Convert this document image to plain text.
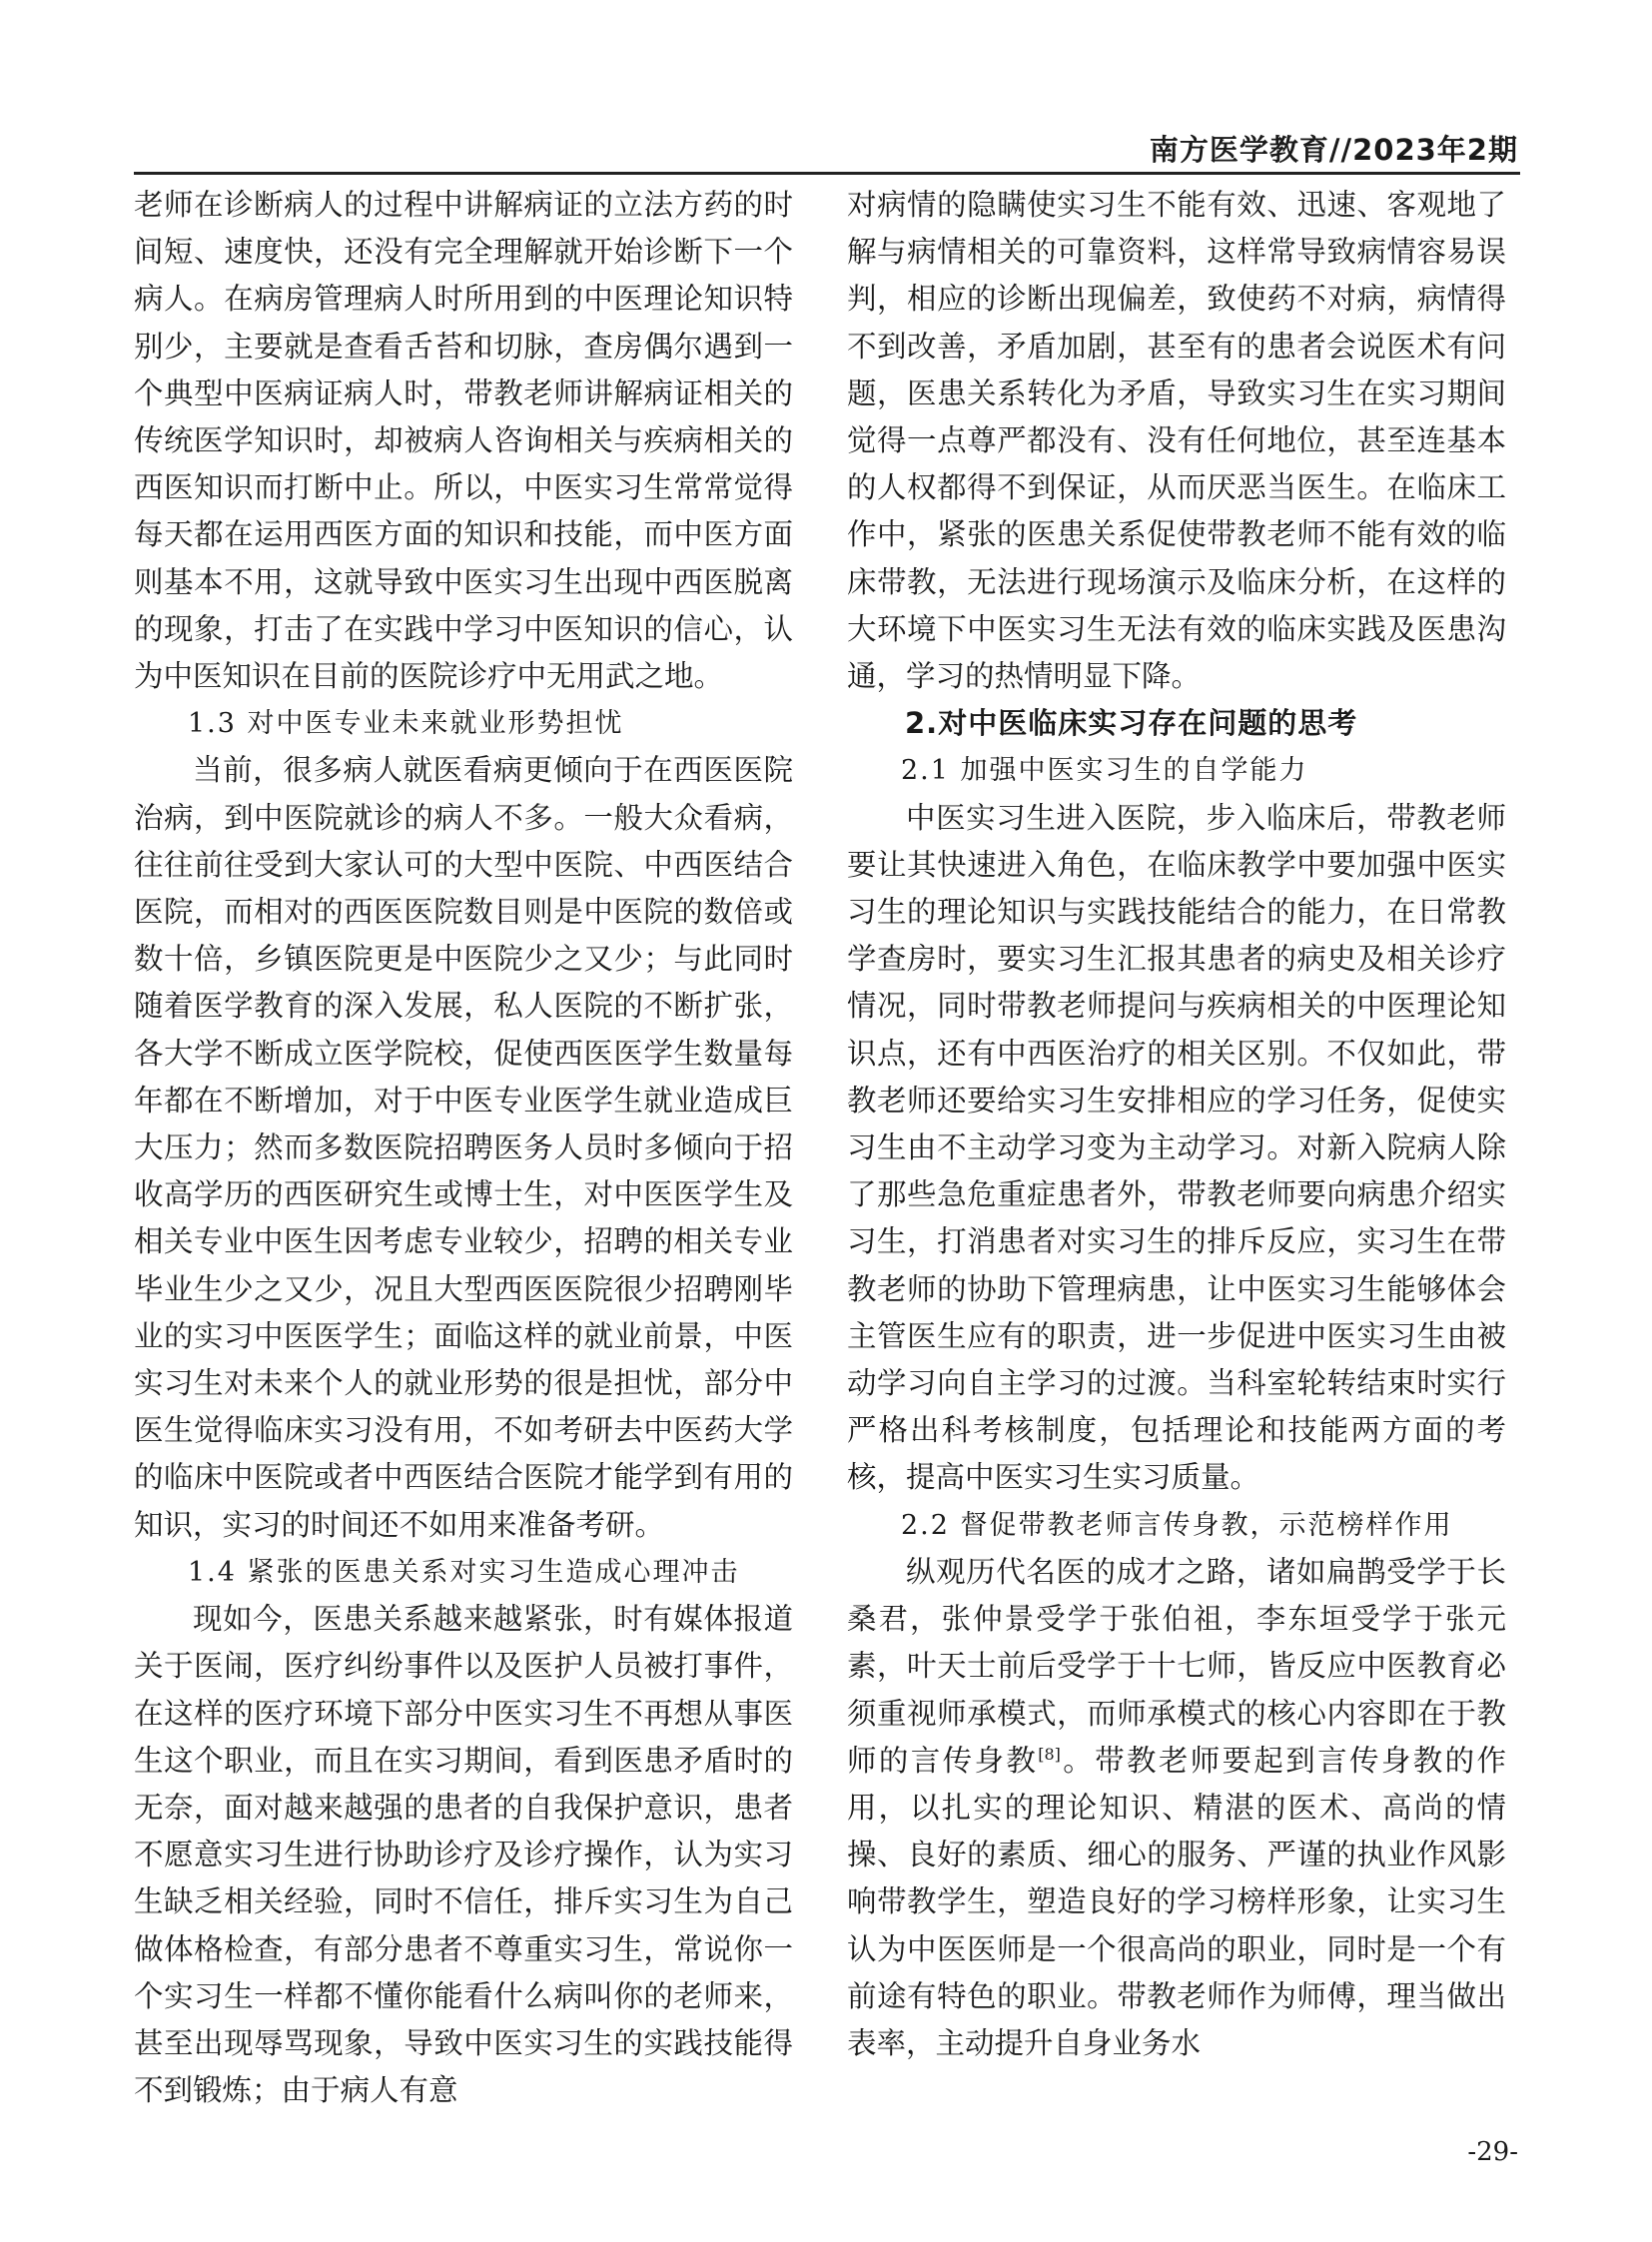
南方医学教育//2023年2期

老师在诊断病人的过程中讲解病证的立法方药的时间短、速度快，还没有完全理解就开始诊断下一个病人。在病房管理病人时所用到的中医理论知识特别少，主要就是查看舌苔和切脉，查房偶尔遇到一个典型中医病证病人时，带教老师讲解病证相关的传统医学知识时，却被病人咨询相关与疾病相关的西医知识而打断中止。所以，中医实习生常常觉得每天都在运用西医方面的知识和技能，而中医方面则基本不用，这就导致中医实习生出现中西医脱离的现象，打击了在实践中学习中医知识的信心，认为中医知识在目前的医院诊疗中无用武之地。

1.3 对中医专业未来就业形势担忧

当前，很多病人就医看病更倾向于在西医医院治病，到中医院就诊的病人不多。一般大众看病，往往前往受到大家认可的大型中医院、中西医结合医院，而相对的西医医院数目则是中医院的数倍或数十倍，乡镇医院更是中医院少之又少；与此同时随着医学教育的深入发展，私人医院的不断扩张，各大学不断成立医学院校，促使西医医学生数量每年都在不断增加，对于中医专业医学生就业造成巨大压力；然而多数医院招聘医务人员时多倾向于招收高学历的西医研究生或博士生，对中医医学生及相关专业中医生因考虑专业较少，招聘的相关专业毕业生少之又少，况且大型西医医院很少招聘刚毕业的实习中医医学生；面临这样的就业前景，中医实习生对未来个人的就业形势的很是担忧，部分中医生觉得临床实习没有用，不如考研去中医药大学的临床中医院或者中西医结合医院才能学到有用的知识，实习的时间还不如用来准备考研。

1.4 紧张的医患关系对实习生造成心理冲击

现如今，医患关系越来越紧张，时有媒体报道关于医闹，医疗纠纷事件以及医护人员被打事件，在这样的医疗环境下部分中医实习生不再想从事医生这个职业，而且在实习期间，看到医患矛盾时的无奈，面对越来越强的患者的自我保护意识，患者不愿意实习生进行协助诊疗及诊疗操作，认为实习生缺乏相关经验，同时不信任，排斥实习生为自己做体格检查，有部分患者不尊重实习生，常说你一个实习生一样都不懂你能看什么病叫你的老师来，甚至出现辱骂现象，导致中医实习生的实践技能得不到锻炼；由于病人有意

对病情的隐瞒使实习生不能有效、迅速、客观地了解与病情相关的可靠资料，这样常导致病情容易误判，相应的诊断出现偏差，致使药不对病，病情得不到改善，矛盾加剧，甚至有的患者会说医术有问题，医患关系转化为矛盾，导致实习生在实习期间觉得一点尊严都没有、没有任何地位，甚至连基本的人权都得不到保证，从而厌恶当医生。在临床工作中，紧张的医患关系促使带教老师不能有效的临床带教，无法进行现场演示及临床分析，在这样的大环境下中医实习生无法有效的临床实践及医患沟通，学习的热情明显下降。

2.对中医临床实习存在问题的思考
2.1 加强中医实习生的自学能力

中医实习生进入医院，步入临床后，带教老师要让其快速进入角色，在临床教学中要加强中医实习生的理论知识与实践技能结合的能力，在日常教学查房时，要实习生汇报其患者的病史及相关诊疗情况，同时带教老师提问与疾病相关的中医理论知识点，还有中西医治疗的相关区别。不仅如此，带教老师还要给实习生安排相应的学习任务，促使实习生由不主动学习变为主动学习。对新入院病人除了那些急危重症患者外，带教老师要向病患介绍实习生，打消患者对实习生的排斥反应，实习生在带教老师的协助下管理病患，让中医实习生能够体会主管医生应有的职责，进一步促进中医实习生由被动学习向自主学习的过渡。当科室轮转结束时实行严格出科考核制度，包括理论和技能两方面的考核，提高中医实习生实习质量。

2.2 督促带教老师言传身教，示范榜样作用

纵观历代名医的成才之路，诸如扁鹊受学于长桑君，张仲景受学于张伯祖，李东垣受学于张元素，叶天士前后受学于十七师，皆反应中医教育必须重视师承模式，而师承模式的核心内容即在于教师的言传身教[8]。带教老师要起到言传身教的作用，以扎实的理论知识、精湛的医术、高尚的情操、良好的素质、细心的服务、严谨的执业作风影响带教学生，塑造良好的学习榜样形象，让实习生认为中医医师是一个很高尚的职业，同时是一个有前途有特色的职业。带教老师作为师傅，理当做出表率，主动提升自身业务水

-29-
